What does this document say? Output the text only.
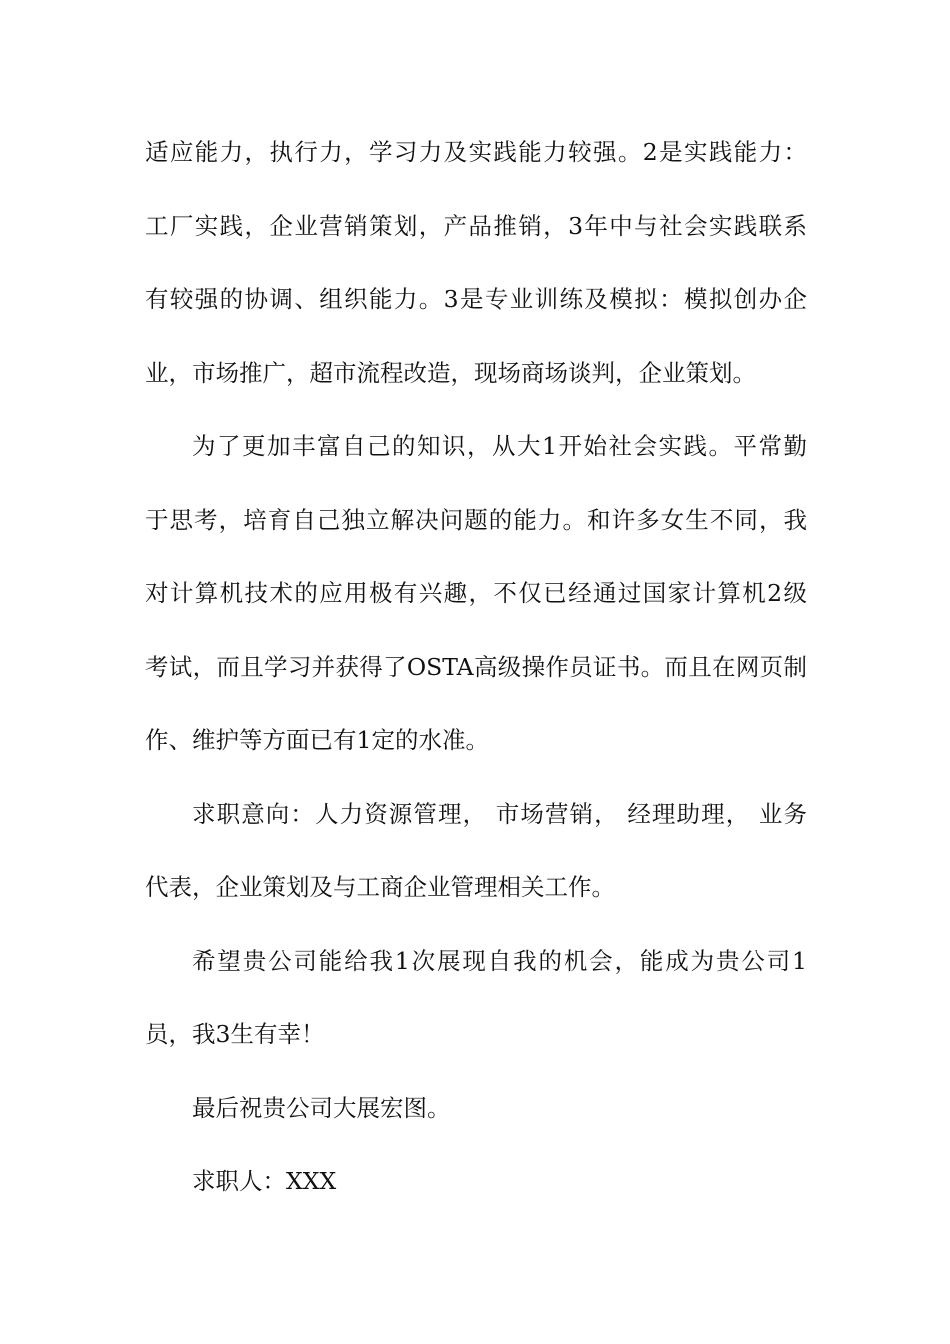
适应能力，执行力，学习力及实践能力较强。2是实践能力：
工厂实践，企业营销策划，产品推销，3年中与社会实践联系
有较强的协调、组织能力。3是专业训练及模拟：模拟创办企
业，市场推广，超市流程改造，现场商场谈判，企业策划。
为了更加丰富自己的知识，从大1开始社会实践。平常勤
于思考，培育自己独立解决问题的能力。和许多女生不同，我
对计算机技术的应用极有兴趣，不仅已经通过国家计算机2级
考试，而且学习并获得了OSTA高级操作员证书。而且在网页制
作、维护等方面已有1定的水准。
求职意向：人力资源管理， 市场营销， 经理助理， 业务
代表，企业策划及与工商企业管理相关工作。
希望贵公司能给我1次展现自我的机会，能成为贵公司1
员，我3生有幸！
最后祝贵公司大展宏图。
求职人：XXX
